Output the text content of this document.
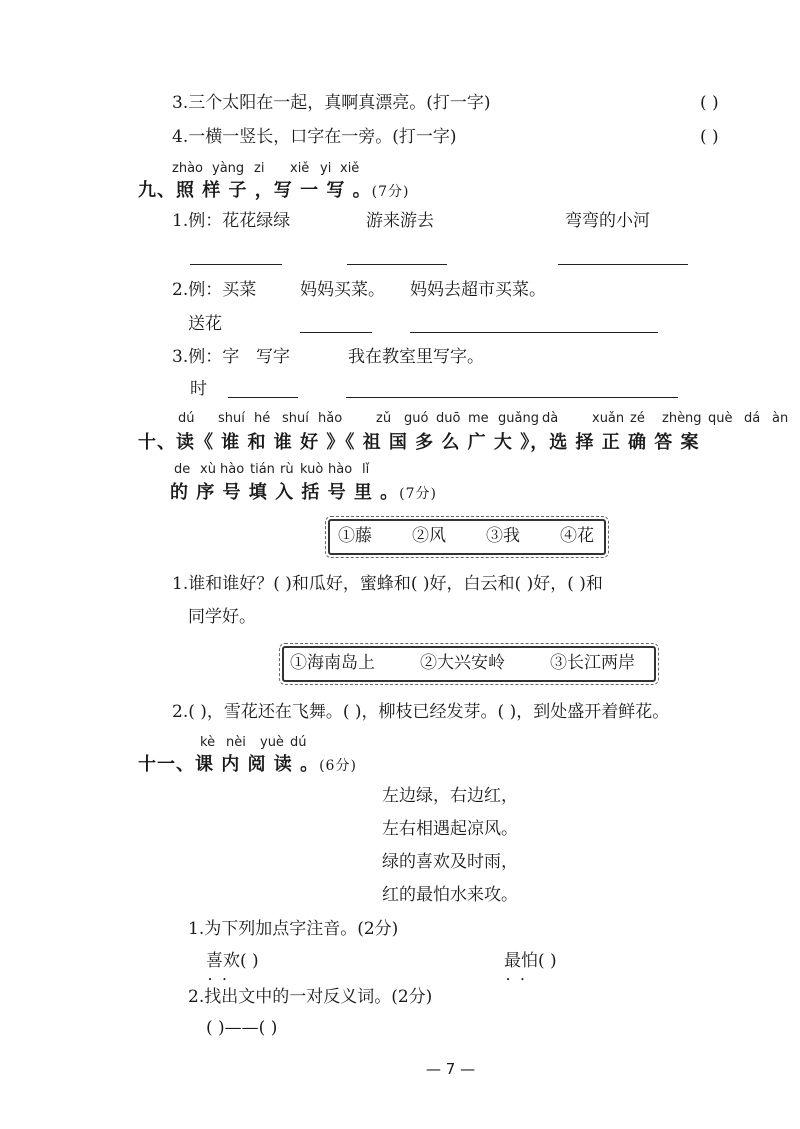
3.三个太阳在一起，真啊真漂亮。(打一字)	( )
4.一横一竖长，口字在一旁。(打一字)	( )
zhào yàng zi xiě yi xiě
九、照 样 子 ，写 一 写 。(7分)
1.例：花花绿绿	游来游去	弯弯的小河
2.例：买菜	妈妈买菜。 妈妈去超市买菜。
送花
3.例：字 写字	我在教室里写字。
时
dú shuí hé shuí hǎo	zǔ guó duō me guǎng dà	xuǎn zé zhèng què dá àn
十、读《 谁 和 谁 好 》《 祖 国 多 么 广 大 》，选 择 正 确 答 案
de xù hào tián rù kuò hào lǐ
的 序 号 填 入 括 号 里 。(7分)
①藤 ②风 ③我 ④花
1.谁和谁好？( )和瓜好，蜜蜂和( )好，白云和( )好，( )和
同学好。
①海南岛上	②大兴安岭	③长江两岸
2.( )，雪花还在飞舞。( )，柳枝已经发芽。( )，到处盛开着鲜花。
kè nèi yuè dú
十一、课 内 阅 读 。(6分)
左边绿，右边红，
左右相遇起凉风。
绿的喜欢及时雨，
红的最怕水来攻。
1.为下列加点字注音。(2分)
喜欢 • •( )	最怕 • •( )
2.找出文中的一对反义词。(2分)
( )——( )
— 7 —
